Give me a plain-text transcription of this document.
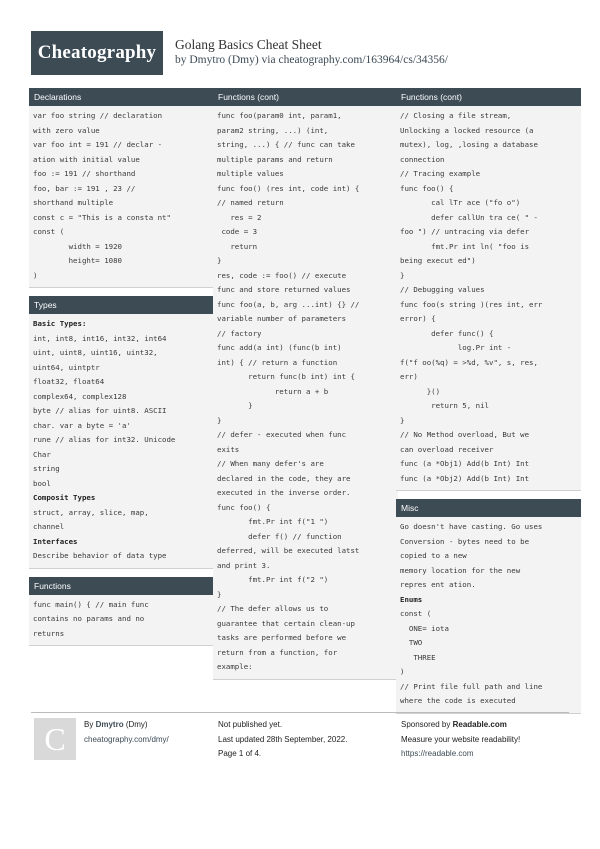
Cheatography	Golang Basics Cheat Sheet
by Dmytro (Dmy) via cheatography.com/163964/cs/34356/
Declarations
var foo string // declaration
with zero value
var foo int = 191 // declar -
ation with initial value
foo := 191 // shorthand
foo, bar := 191 , 23 //
shorthand multiple
const c = "This is a consta nt"
const (
width = 1920
height= 1080
)
Types
Basic Types:
int, int8, int16, int32, int64
uint, uint8, uint16, uint32,
uint64, uintptr
float32, float64
complex64, complex128
byte // alias for uint8. ASCII
char. var a byte = 'a'
rune // alias for int32. Unicode
Char
string
bool
Composit Types
struct, array, slice, map,
channel
Interfaces
Describe behavior of data type
Functions
func main() { // main func
contains no params and no
returns
Functions (cont)
func foo(param0 int, param1,
param2 string, ...) (int,
string, ...) { // func can take
multiple params and return
multiple values
func foo() (res int, code int) {
// named return
res = 2
code = 3
return
}
res, code := foo() // execute
func and store returned values
func foo(a, b, arg ...int) {} //
variable number of parameters
// factory
func add(a int) (func(b int)
int) { // return a function
return func(b int) int {
return a + b
}
}
// defer - executed when func
exits
// When many defer's are
declared in the code, they are
executed in the inverse order.
func foo() {
fmt.Pr int f("1 ")
defer f() // function
deferred, will be executed latst
and print 3.
fmt.Pr int f("2 ")
}
// The defer allows us to
guarantee that certain clean-up
tasks are performed before we
return from a function, for
example:
Functions (cont)
// Closing a file stream,
Unlocking a locked resource (a
mutex), log, ,losing a database
connection
// Tracing example
func foo() {
cal lTr ace ("fo o")
defer callUn tra ce( " -
foo ") // untracing via defer
fmt.Pr int ln( "foo is
being execut ed")
}
// Debugging values
func foo(s string )(res int, err
error) {
defer func() {
log.Pr int -
f("f oo(%q) = >%d, %v", s, res,
err)
}()
return 5, nil
}
// No Method overload, But we
can overload receiver
func (a *Obj1) Add(b Int) Int
func (a *Obj2) Add(b Int) Int
Misc
Go doesn't have casting. Go uses
Conversion - bytes need to be
copied to a new
memory location for the new
repres ent ation.
Enums
const (
ONE= iota
TWO
THREE
)
// Print file full path and line
where the code is executed
C By Dmytro (Dmy)
cheatography.com/dmy/
Not published yet.
Last updated 28th September, 2022.
Page 1 of 4.
Sponsored by Readable.com
Measure your website readability!
https://readable.com
